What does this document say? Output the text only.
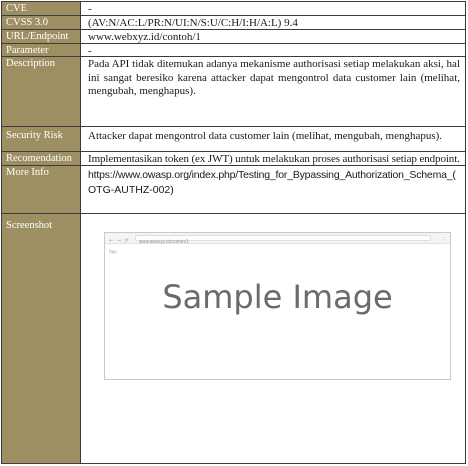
CVE	-
CVSS 3.0	(AV:N/AC:L/PR:N/UI:N/S:U/C:H/I:H/A:L) 9.4
URL/Endpoint	www.webxyz.id/contoh/1
Parameter	-
Description	Pada API tidak ditemukan adanya mekanisme authorisasi setiap melakukan aksi, hal ini sangat beresiko karena attacker dapat mengontrol data customer lain (melihat, mengubah, menghapus).
Security Risk	Attacker dapat mengontrol data customer lain (melihat, mengubah, menghapus).
Recomendation	Implementasikan token (ex JWT) untuk melakukan proses authorisasi setiap endpoint.
More Info	https://www.owasp.org/index.php/Testing_for_Bypassing_Authorization_Schema_(
OTG-AUTHZ-002)
Screenshot
← → ⟳ www.webxyz.id/contoh/1	⋮
App
Sample Image
